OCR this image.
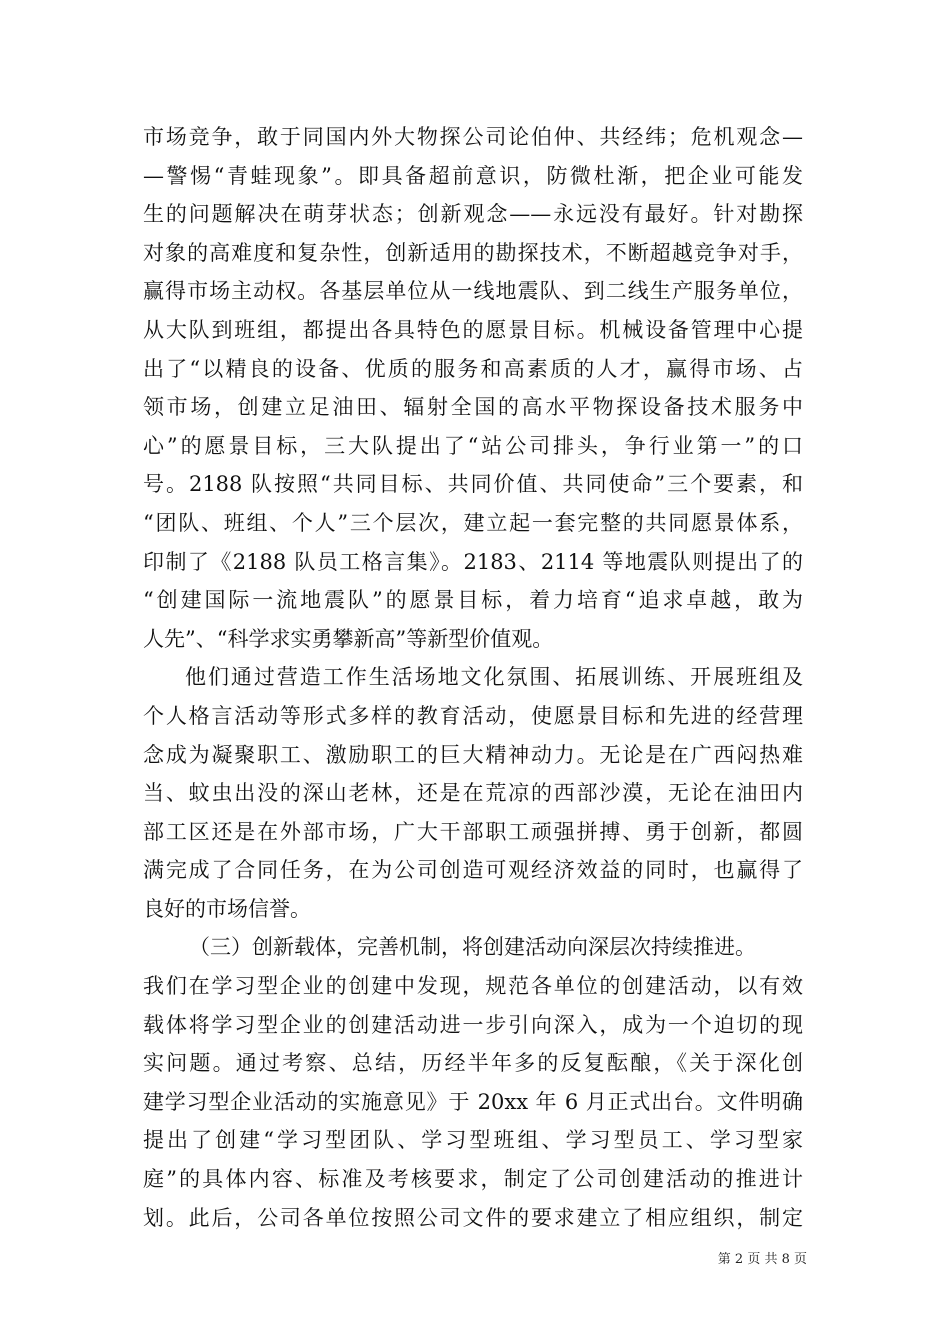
市场竞争，敢于同国内外大物探公司论伯仲、共经纬；危机观念—
—警惕“青蛙现象”。即具备超前意识，防微杜渐，把企业可能发
生的问题解决在萌芽状态；创新观念——永远没有最好。针对勘探
对象的高难度和复杂性，创新适用的勘探技术，不断超越竞争对手，
赢得市场主动权。各基层单位从一线地震队、到二线生产服务单位，
从大队到班组，都提出各具特色的愿景目标。机械设备管理中心提
出了“以精良的设备、优质的服务和高素质的人才，赢得市场、占
领市场，创建立足油田、辐射全国的高水平物探设备技术服务中
心”的愿景目标，三大队提出了“站公司排头，争行业第一”的口
号。2188 队按照“共同目标、共同价值、共同使命”三个要素，和
“团队、班组、个人”三个层次，建立起一套完整的共同愿景体系，
印制了《2188 队员工格言集》。2183、2114 等地震队则提出了的
“创建国际一流地震队”的愿景目标，着力培育“追求卓越，敢为
人先”、“科学求实勇攀新高”等新型价值观。
他们通过营造工作生活场地文化氛围、拓展训练、开展班组及
个人格言活动等形式多样的教育活动，使愿景目标和先进的经营理
念成为凝聚职工、激励职工的巨大精神动力。无论是在广西闷热难
当、蚊虫出没的深山老林，还是在荒凉的西部沙漠，无论在油田内
部工区还是在外部市场，广大干部职工顽强拼搏、勇于创新，都圆
满完成了合同任务，在为公司创造可观经济效益的同时，也赢得了
良好的市场信誉。
（三）创新载体，完善机制，将创建活动向深层次持续推进。
我们在学习型企业的创建中发现，规范各单位的创建活动，以有效
载体将学习型企业的创建活动进一步引向深入，成为一个迫切的现
实问题。通过考察、总结，历经半年多的反复酝酿，《关于深化创
建学习型企业活动的实施意见》于 20xx 年 6 月正式出台。文件明确
提出了创建“学习型团队、学习型班组、学习型员工、学习型家
庭”的具体内容、标准及考核要求，制定了公司创建活动的推进计
划。此后，公司各单位按照公司文件的要求建立了相应组织，制定
第 2 页 共 8 页
